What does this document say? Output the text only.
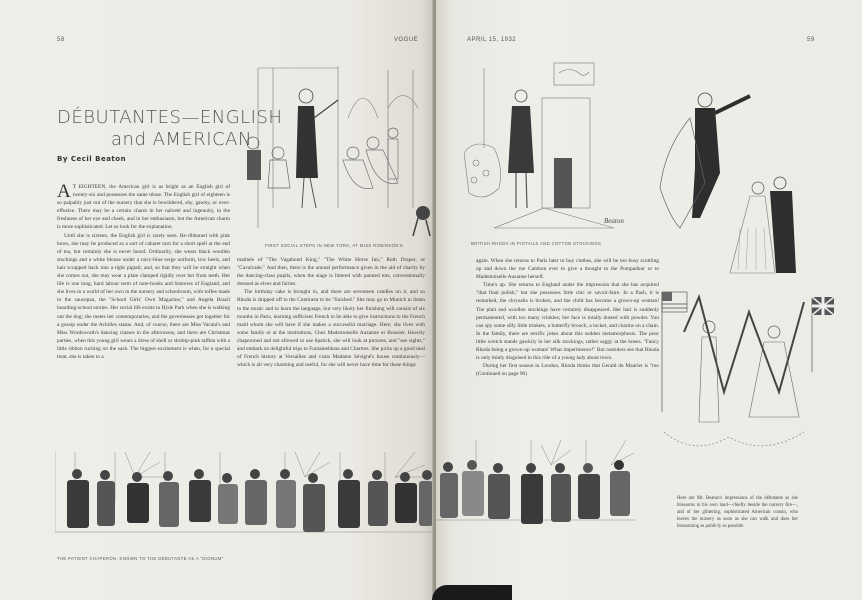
58	VOGUE
DÉBUTANTES—ENGLISH
and AMERICAN
By Cecil Beaton
FIRST SOCIAL STEPS IN NEW YORK, AT MISS ROBINSON'S

A T EIGHTEEN, the American girl is as bright as an English girl of twenty-six and possesses the same ténue. The English girl of eighteen is so palpably just out of the nursery that she is bewildered, shy, gawky, or over-effusive. There may be a certain charm in her naïveté and ingenuity, in the freshness of her eye and cheek, and in her enthusiasm, but the American charm is more sophisticated. Let us look for the explanation.

Until she is sixteen, the English girl is rarely seen. Be-ribboned with pink bows, she may be produced as a sort of cabaret turn for a short spell at the end of tea, but certainly she is never heard. Ordinarily, she wears black woollen stockings and a white blouse under a navy-blue serge uniform, low heels, and hair scrapped back into a tight pigtail; and, so that they will be straight when she comes out, she may wear a plate clamped rigidly over her front teeth. Her life is one long, hard labour term of note-books and histories of England, and she lives in a world of her own in the nursery and schoolroom, with toffee made in the saucepan, the "School Girls' Own Magazine," and Angela Brazil boarding-school stories. Her social life exists in Hyde Park when she is walking out the dog; she meets her contemporaries, and the governesses get together for a gossip under the Achilles statue. And, of course, there are Miss Vacani's and Miss Wordsworth's dancing classes in the afternoons, and there are Christmas parties, when this young girl wears a dress of shell or shrimp-pink taffeta with a little ribbon ruching on the sash. The biggest excitement is when, for a special treat, she is taken to a

matinée of "The Vagabond King," "The White Horse Inn," Ruth Draper, or "Cavalcade." And then, there is the annual performance given in the aid of charity by the dancing-class pupils, when the stage is littered with painted tots, conventionally dressed as elves and fairies.

The birthday cake is brought in, and there are seventeen candles on it, and so Rhoda is shipped off to the Continent to be "finished." She may go to Munich to listen to the music and to learn the language, but very likely her finishing will consist of six months in Paris, learning sufficient French to be able to give instructions to the French maid whom she will have if she makes a successful marriage. Here, she lives with some family or at the institutions, Chez Mademoiselle Auzanne or Boissier. Heavily chaperoned and not allowed to use lipstick, she will look at pictures, and "see sights," and embark on delightful trips to Fontainebleau and Chartres. She picks up a good deal of French history at Versailles and visits Madame Sévigné's house continuously—which is all very charming and useful, for she will never have time for these things

THE PATIENT CHAPERON, KNOWN TO THE DÉBUTANTE AS A "DIGNUM"
APRIL 15, 1932	59
Beaton
BRITISH RHODA IN PIGTAILS AND COTTON STOCKINGS

again. When she returns to Paris later to buy clothes, she will be too busy scuttling up and down the rue Cambon ever to give a thought to the Pompadour or to Mademoiselle Auzanne herself.

Time's up. She returns to England under the impression that she has acquired "that final polish," but she possesses little chic or savoir-faire. In a flash, it is remarked, the chrysalis is broken, and the child has become a grown-up woman! The plait and woollen stockings have certainly disappeared. Her hair is suddenly permanented, with too many crinkles; her face is totally dusted with powder. You can spy some silly little trinkets, a butterfly brooch, a locket, and charms on a chain. In the family, there are terrific jokes about this sudden metamorphosis. The poor little wretch stands gawkily in her silk stockings, rather saggy at the knees. "Fancy Rhoda being a grown-up woman! What impertinence!" But outsiders see that Rhoda is only thinly disguised in this rôle of a young lady about town.

During her first season in London, Rhoda thinks that Gerald du Maurier is "too (Continued on page 96)

Here are Mr. Beaton's impressions of the débutante as she blossoms in his own land—chiefly beside the nursery fire—, and of her glittering, sophisticated American cousin, who leaves the nursery as soon as she can walk and does her blossoming as publicly as possible
